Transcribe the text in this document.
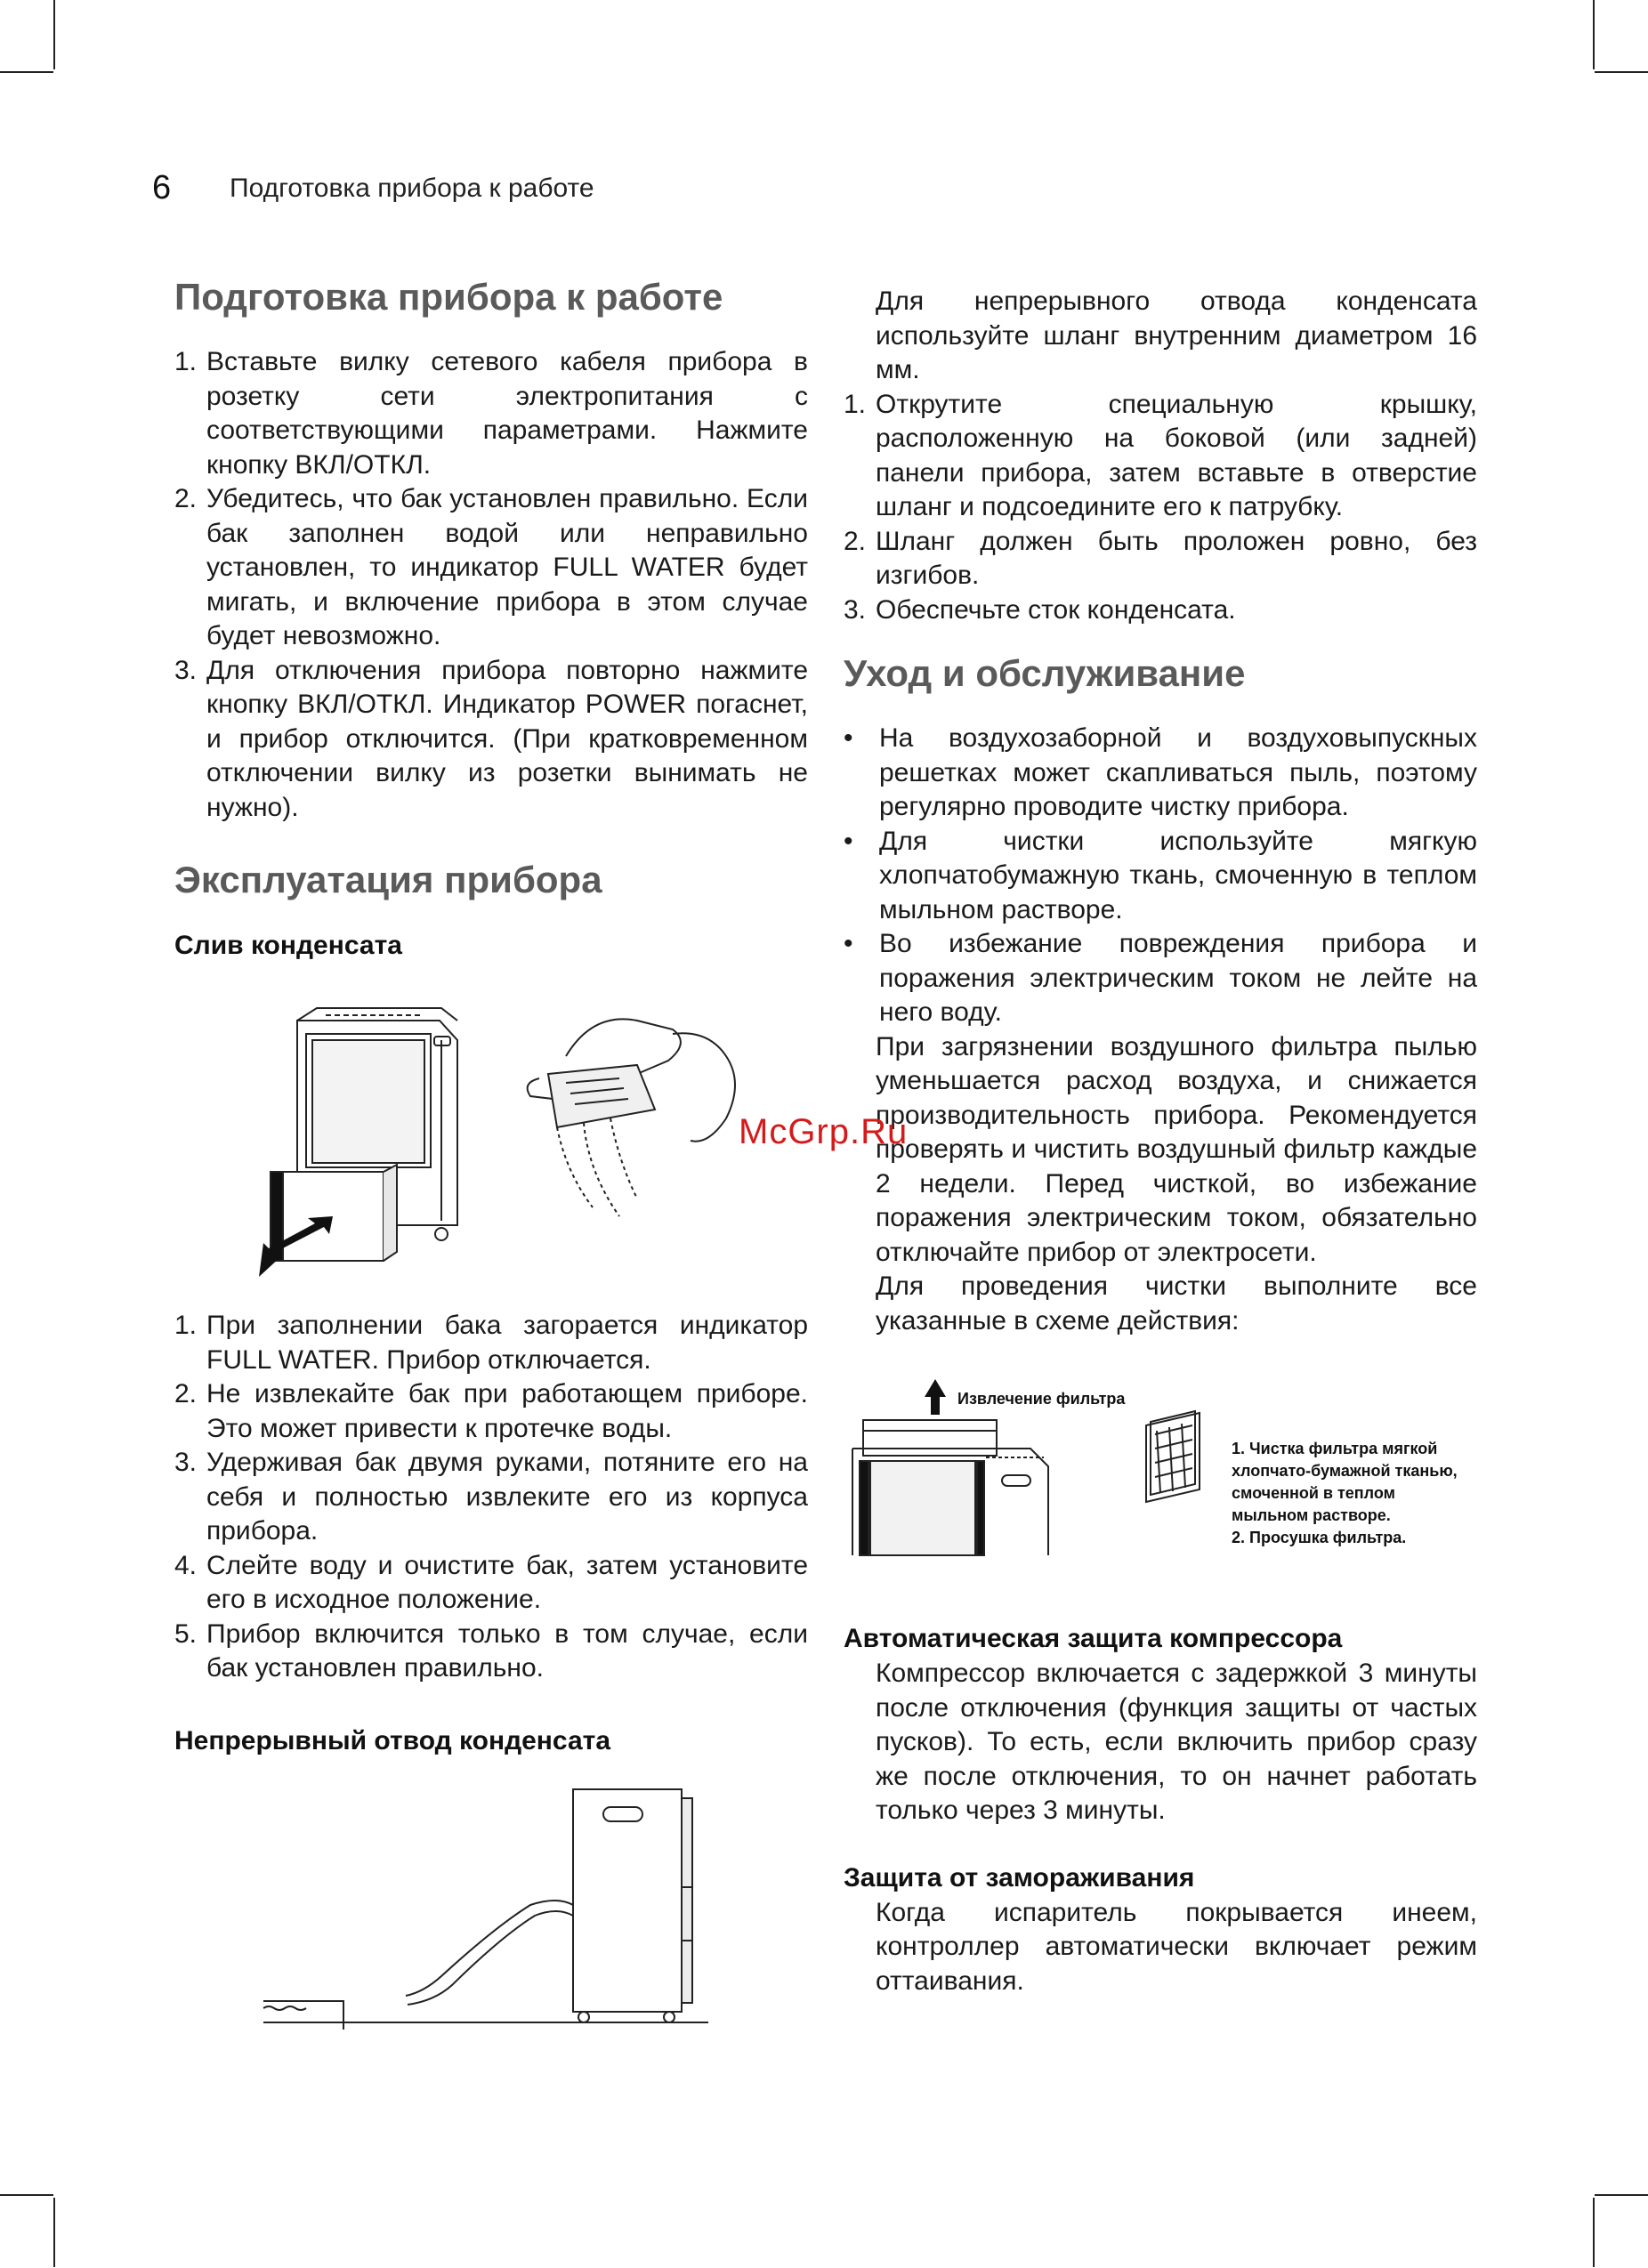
6 Подготовка прибора к работе
Подготовка прибора к работе
1. Вставьте вилку сетевого кабеля прибора в розетку сети электропитания с соответствующими параметрами. Нажмите кнопку ВКЛ/ОТКЛ.
2. Убедитесь, что бак установлен правильно. Если бак заполнен водой или неправильно установлен, то индикатор FULL WATER будет мигать, и включение прибора в этом случае будет невозможно.
3. Для отключения прибора повторно нажмите кнопку ВКЛ/ОТКЛ. Индикатор POWER погаснет, и прибор отключится. (При кратковременном отключении вилку из розетки вынимать не нужно).
Эксплуатация прибора
Слив конденсата
1. При заполнении бака загорается индикатор FULL WATER. Прибор отключается.
2. Не извлекайте бак при работающем приборе. Это может привести к протечке воды.
3. Удерживая бак двумя руками, потяните его на себя и полностью извлеките его из корпуса прибора.
4. Слейте воду и очистите бак, затем установите его в исходное положение.
5. Прибор включится только в том случае, если бак установлен правильно.
Непрерывный отвод конденсата

Для непрерывного отвода конденсата используйте шланг внутренним диаметром 16 мм.

1. Открутите специальную крышку, расположенную на боковой (или задней) панели прибора, затем вставьте в отверстие шланг и подсоедините его к патрубку.
2. Шланг должен быть проложен ровно, без изгибов.
3. Обеспечьте сток конденсата.
Уход и обслуживание
• На воздухозаборной и воздуховыпускных решетках может скапливаться пыль, поэтому регулярно проводите чистку прибора.
• Для чистки используйте мягкую хлопчатобумажную ткань, смоченную в теплом мыльном растворе.
• Во избежание повреждения прибора и поражения электрическим током не лейте на него воду.

При загрязнении воздушного фильтра пылью уменьшается расход воздуха, и снижается производительность прибора. Рекомендуется проверять и чистить воздушный фильтр каждые 2 недели. Перед чисткой, во избежание поражения электрическим током, обязательно отключайте прибор от электросети.

Для проведения чистки выполните все указанные в схеме действия:

Извлечение фильтра
1. Чистка фильтра мягкой
хлопчато-бумажной тканью,
смоченной в теплом
мыльном растворе.
2. Просушка фильтра.
Автоматическая защита компрессора

Компрессор включается с задержкой 3 минуты после отключения (функция защиты от частых пусков). То есть, если включить прибор сразу же после отключения, то он начнет работать только через 3 минуты.

Защита от замораживания

Когда испаритель покрывается инеем, контроллер автоматически включает режим оттаивания.

McGrp.Ru
